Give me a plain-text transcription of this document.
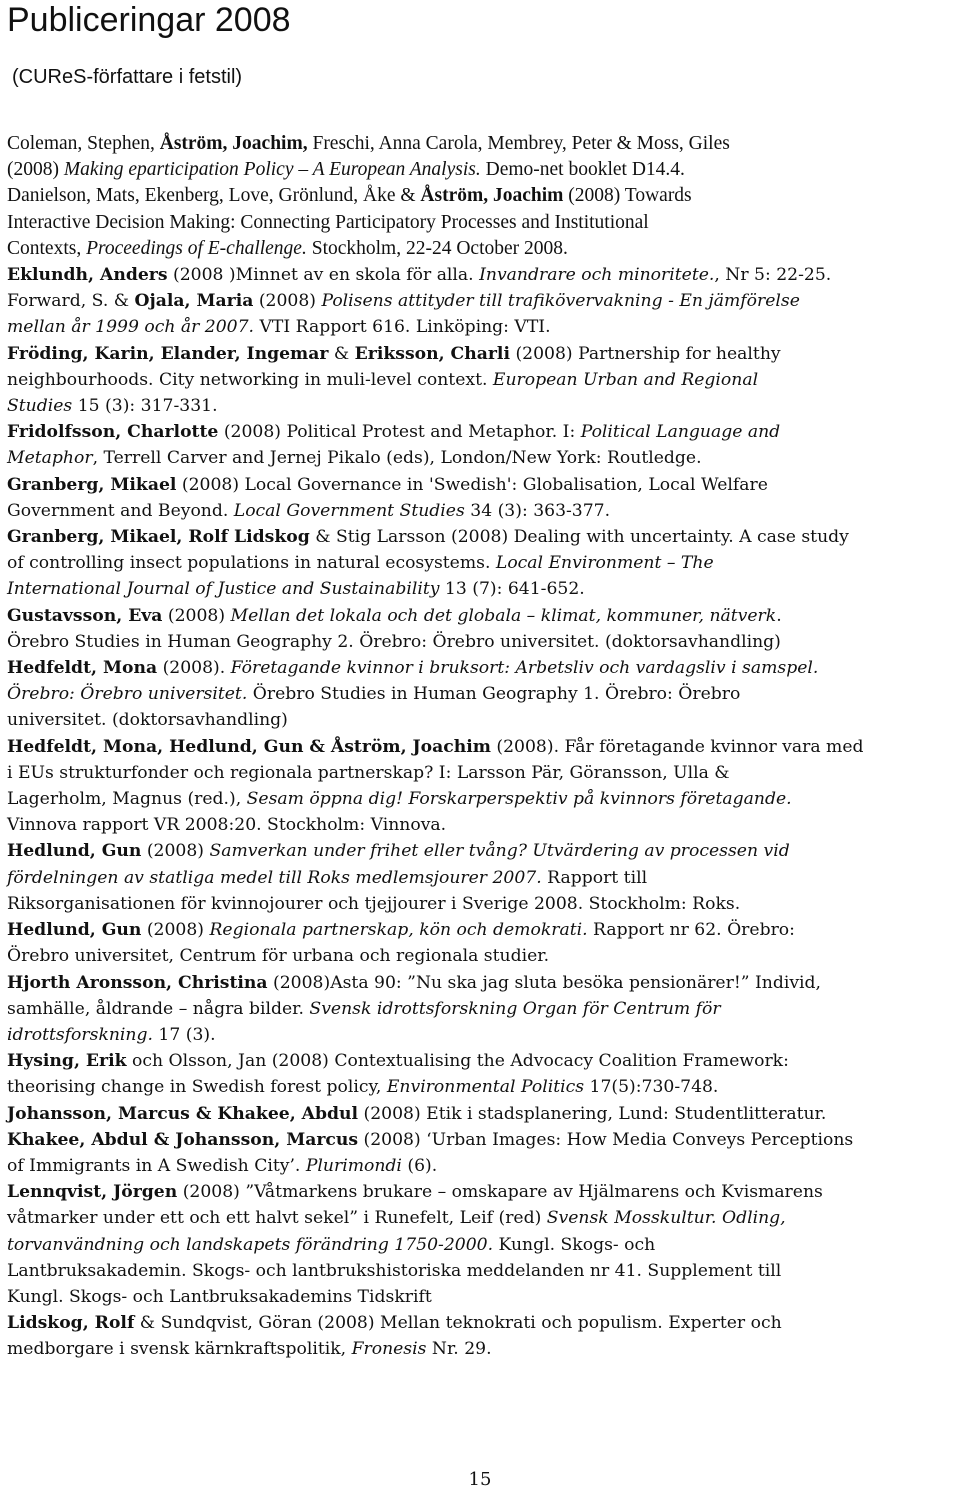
Publiceringar 2008
(CUReS-författare i fetstil)
Coleman, Stephen, Åström, Joachim, Freschi, Anna Carola, Membrey, Peter & Moss, Giles
(2008) Making eparticipation Policy – A European Analysis. Demo-net booklet D14.4.
Danielson, Mats, Ekenberg, Love, Grönlund, Åke & Åström, Joachim (2008) Towards
Interactive Decision Making: Connecting Participatory Processes and Institutional
Contexts, Proceedings of E-challenge. Stockholm, 22-24 October 2008.
Eklundh, Anders (2008 )Minnet av en skola för alla. Invandrare och minoritete., Nr 5: 22-25.
Forward, S. & Ojala, Maria (2008) Polisens attityder till trafikövervakning - En jämförelse
mellan år 1999 och år 2007. VTI Rapport 616. Linköping: VTI.
Fröding, Karin, Elander, Ingemar & Eriksson, Charli (2008) Partnership for healthy
neighbourhoods. City networking in muli-level context. European Urban and Regional
Studies 15 (3): 317-331.
Fridolfsson, Charlotte (2008) Political Protest and Metaphor. I: Political Language and
Metaphor, Terrell Carver and Jernej Pikalo (eds), London/New York: Routledge.
Granberg, Mikael (2008) Local Governance in 'Swedish': Globalisation, Local Welfare
Government and Beyond. Local Government Studies 34 (3): 363-377.
Granberg, Mikael, Rolf Lidskog & Stig Larsson (2008) Dealing with uncertainty. A case study
of controlling insect populations in natural ecosystems. Local Environment – The
International Journal of Justice and Sustainability 13 (7): 641-652.
Gustavsson, Eva (2008) Mellan det lokala och det globala – klimat, kommuner, nätverk.
Örebro Studies in Human Geography 2. Örebro: Örebro universitet. (doktorsavhandling)
Hedfeldt, Mona (2008). Företagande kvinnor i bruksort: Arbetsliv och vardagsliv i samspel.
Örebro: Örebro universitet. Örebro Studies in Human Geography 1. Örebro: Örebro
universitet. (doktorsavhandling)
Hedfeldt, Mona, Hedlund, Gun & Åström, Joachim (2008). Får företagande kvinnor vara med
i EUs strukturfonder och regionala partnerskap? I: Larsson Pär, Göransson, Ulla &
Lagerholm, Magnus (red.), Sesam öppna dig! Forskarperspektiv på kvinnors företagande.
Vinnova rapport VR 2008:20. Stockholm: Vinnova.
Hedlund, Gun (2008) Samverkan under frihet eller tvång? Utvärdering av processen vid
fördelningen av statliga medel till Roks medlemsjourer 2007. Rapport till
Riksorganisationen för kvinnojourer och tjejjourer i Sverige 2008. Stockholm: Roks.
Hedlund, Gun (2008) Regionala partnerskap, kön och demokrati. Rapport nr 62. Örebro:
Örebro universitet, Centrum för urbana och regionala studier.
Hjorth Aronsson, Christina (2008)Asta 90: ”Nu ska jag sluta besöka pensionärer!” Individ,
samhälle, åldrande – några bilder. Svensk idrottsforskning Organ för Centrum för
idrottsforskning. 17 (3).
Hysing, Erik och Olsson, Jan (2008) Contextualising the Advocacy Coalition Framework:
theorising change in Swedish forest policy, Environmental Politics 17(5):730-748.
Johansson, Marcus & Khakee, Abdul (2008) Etik i stadsplanering, Lund: Studentlitteratur.
Khakee, Abdul & Johansson, Marcus (2008) ‘Urban Images: How Media Conveys Perceptions
of Immigrants in A Swedish City’. Plurimondi (6).
Lennqvist, Jörgen (2008) ”Våtmarkens brukare – omskapare av Hjälmarens och Kvismarens
våtmarker under ett och ett halvt sekel” i Runefelt, Leif (red) Svensk Mosskultur. Odling,
torvanvändning och landskapets förändring 1750-2000. Kungl. Skogs- och
Lantbruksakademin. Skogs- och lantbrukshistoriska meddelanden nr 41. Supplement till
Kungl. Skogs- och Lantbruksakademins Tidskrift
Lidskog, Rolf & Sundqvist, Göran (2008) Mellan teknokrati och populism. Experter och
medborgare i svensk kärnkraftspolitik, Fronesis Nr. 29.
15
